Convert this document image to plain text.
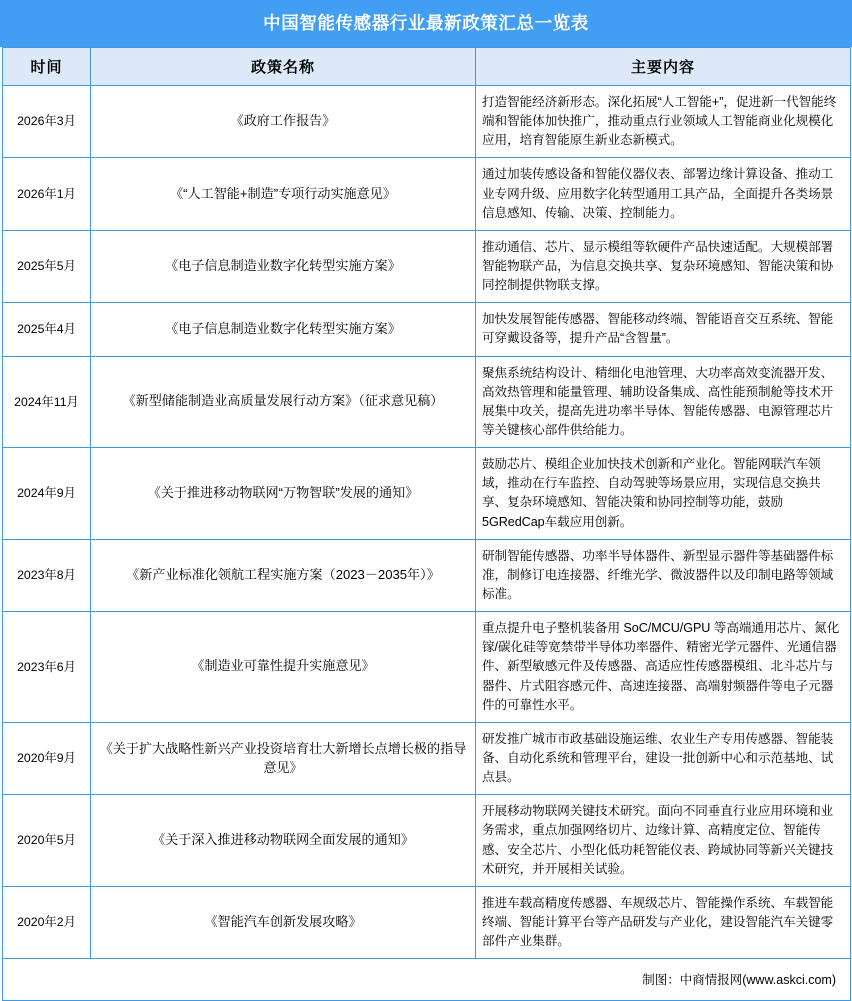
中国智能传感器行业最新政策汇总一览表
时间	政策名称	主要内容
2026年3月	《政府工作报告》	打造智能经济新形态。深化拓展“人工智能+”，促进新一代智能终端和智能体加快推广，推动重点行业领域人工智能商业化规模化应用，培育智能原生新业态新模式。
2026年1月	《“人工智能+制造”专项行动实施意见》	通过加装传感设备和智能仪器仪表、部署边缘计算设备、推动工业专网升级、应用数字化转型通用工具产品，全面提升各类场景信息感知、传输、决策、控制能力。
2025年5月	《电子信息制造业数字化转型实施方案》	推动通信、芯片、显示模组等软硬件产品快速适配。大规模部署智能物联产品，为信息交换共享、复杂环境感知、智能决策和协同控制提供物联支撑。
2025年4月	《电子信息制造业数字化转型实施方案》	加快发展智能传感器、智能移动终端、智能语音交互系统、智能可穿戴设备等，提升产品“含智量”。
2024年11月	《新型储能制造业高质量发展行动方案》（征求意见稿）	聚焦系统结构设计、精细化电池管理、大功率高效变流器开发、高效热管理和能量管理、辅助设备集成、高性能预制舱等技术开展集中攻关，提高先进功率半导体、智能传感器、电源管理芯片等关键核心部件供给能力。
2024年9月	《关于推进移动物联网“万物智联”发展的通知》	鼓励芯片、模组企业加快技术创新和产业化。智能网联汽车领域，推动在行车监控、自动驾驶等场景应用，实现信息交换共享、复杂环境感知、智能决策和协同控制等功能，鼓励5GRedCap车载应用创新。
2023年8月	《新产业标准化领航工程实施方案（2023－2035年）》	研制智能传感器、功率半导体器件、新型显示器件等基础器件标准，制修订电连接器、纤维光学、微波器件以及印制电路等领域标准。
2023年6月	《制造业可靠性提升实施意见》	重点提升电子整机装备用 SoC/MCU/GPU 等高端通用芯片、氮化镓/碳化硅等宽禁带半导体功率器件、精密光学元器件、光通信器件、新型敏感元件及传感器、高适应性传感器模组、北斗芯片与器件、片式阻容感元件、高速连接器、高端射频器件等电子元器件的可靠性水平。
2020年9月	《关于扩大战略性新兴产业投资培育壮大新增长点增长极的指导意见》	研发推广城市市政基础设施运维、农业生产专用传感器、智能装备、自动化系统和管理平台，建设一批创新中心和示范基地、试点县。
2020年5月	《关于深入推进移动物联网全面发展的通知》	开展移动物联网关键技术研究。面向不同垂直行业应用环境和业务需求，重点加强网络切片、边缘计算、高精度定位、智能传感、安全芯片、小型化低功耗智能仪表、跨域协同等新兴关键技术研究，并开展相关试验。
2020年2月	《智能汽车创新发展攻略》	推进车载高精度传感器、车规级芯片、智能操作系统、车载智能终端、智能计算平台等产品研发与产业化，建设智能汽车关键零部件产业集群。
制图：中商情报网(www.askci.com)		
